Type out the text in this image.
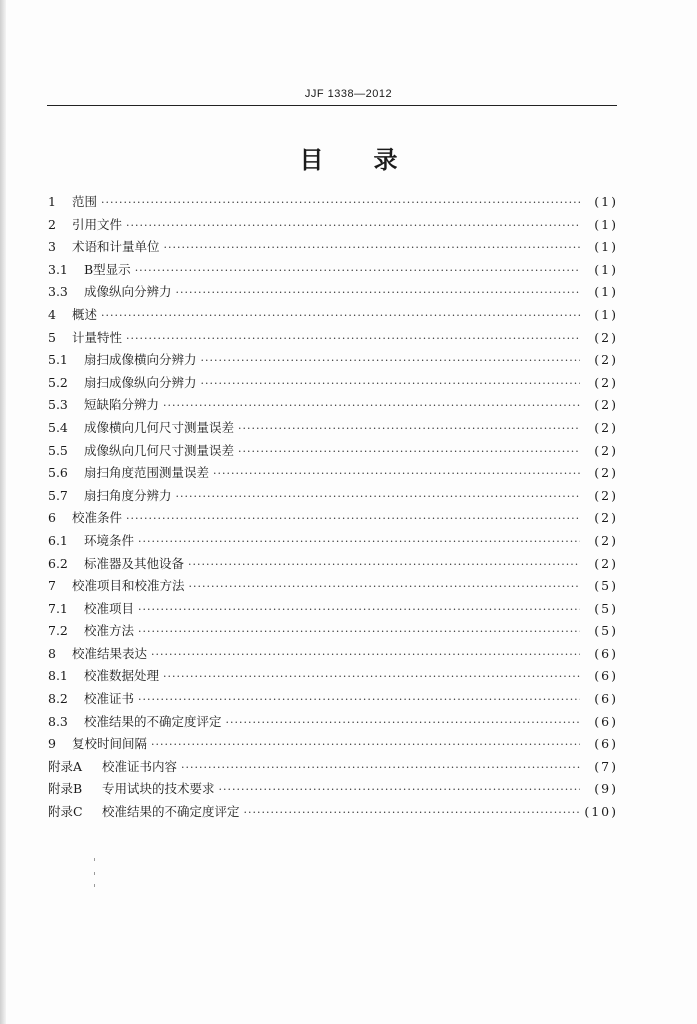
JJF 1338—2012
目录
1	范围 ·····	(1)
2	引用文件 ·····	(1)
3	术语和计量单位 ·····	(1)
3.1	B型显示 ·····	(1)
3.3	成像纵向分辨力 ·····	(1)
4	概述 ·····	(1)
5	计量特性 ·····	(2)
5.1	扇扫成像横向分辨力 ·····	(2)
5.2	扇扫成像纵向分辨力 ·····	(2)
5.3	短缺陷分辨力 ·····	(2)
5.4	成像横向几何尺寸测量误差 ·····	(2)
5.5	成像纵向几何尺寸测量误差 ·····	(2)
5.6	扇扫角度范围测量误差 ·····	(2)
5.7	扇扫角度分辨力 ·····	(2)
6	校准条件 ·····	(2)
6.1	环境条件 ·····	(2)
6.2	标准器及其他设备 ·····	(2)
7	校准项目和校准方法 ·····	(5)
7.1	校准项目 ·····	(5)
7.2	校准方法 ·····	(5)
8	校准结果表达 ·····	(6)
8.1	校准数据处理 ·····	(6)
8.2	校准证书 ·····	(6)
8.3	校准结果的不确定度评定 ·····	(6)
9	复校时间间隔 ·····	(6)
附录A	校准证书内容 ·····	(7)
附录B	专用试块的技术要求 ·····	(9)
附录C	校准结果的不确定度评定 ·····	(10)
